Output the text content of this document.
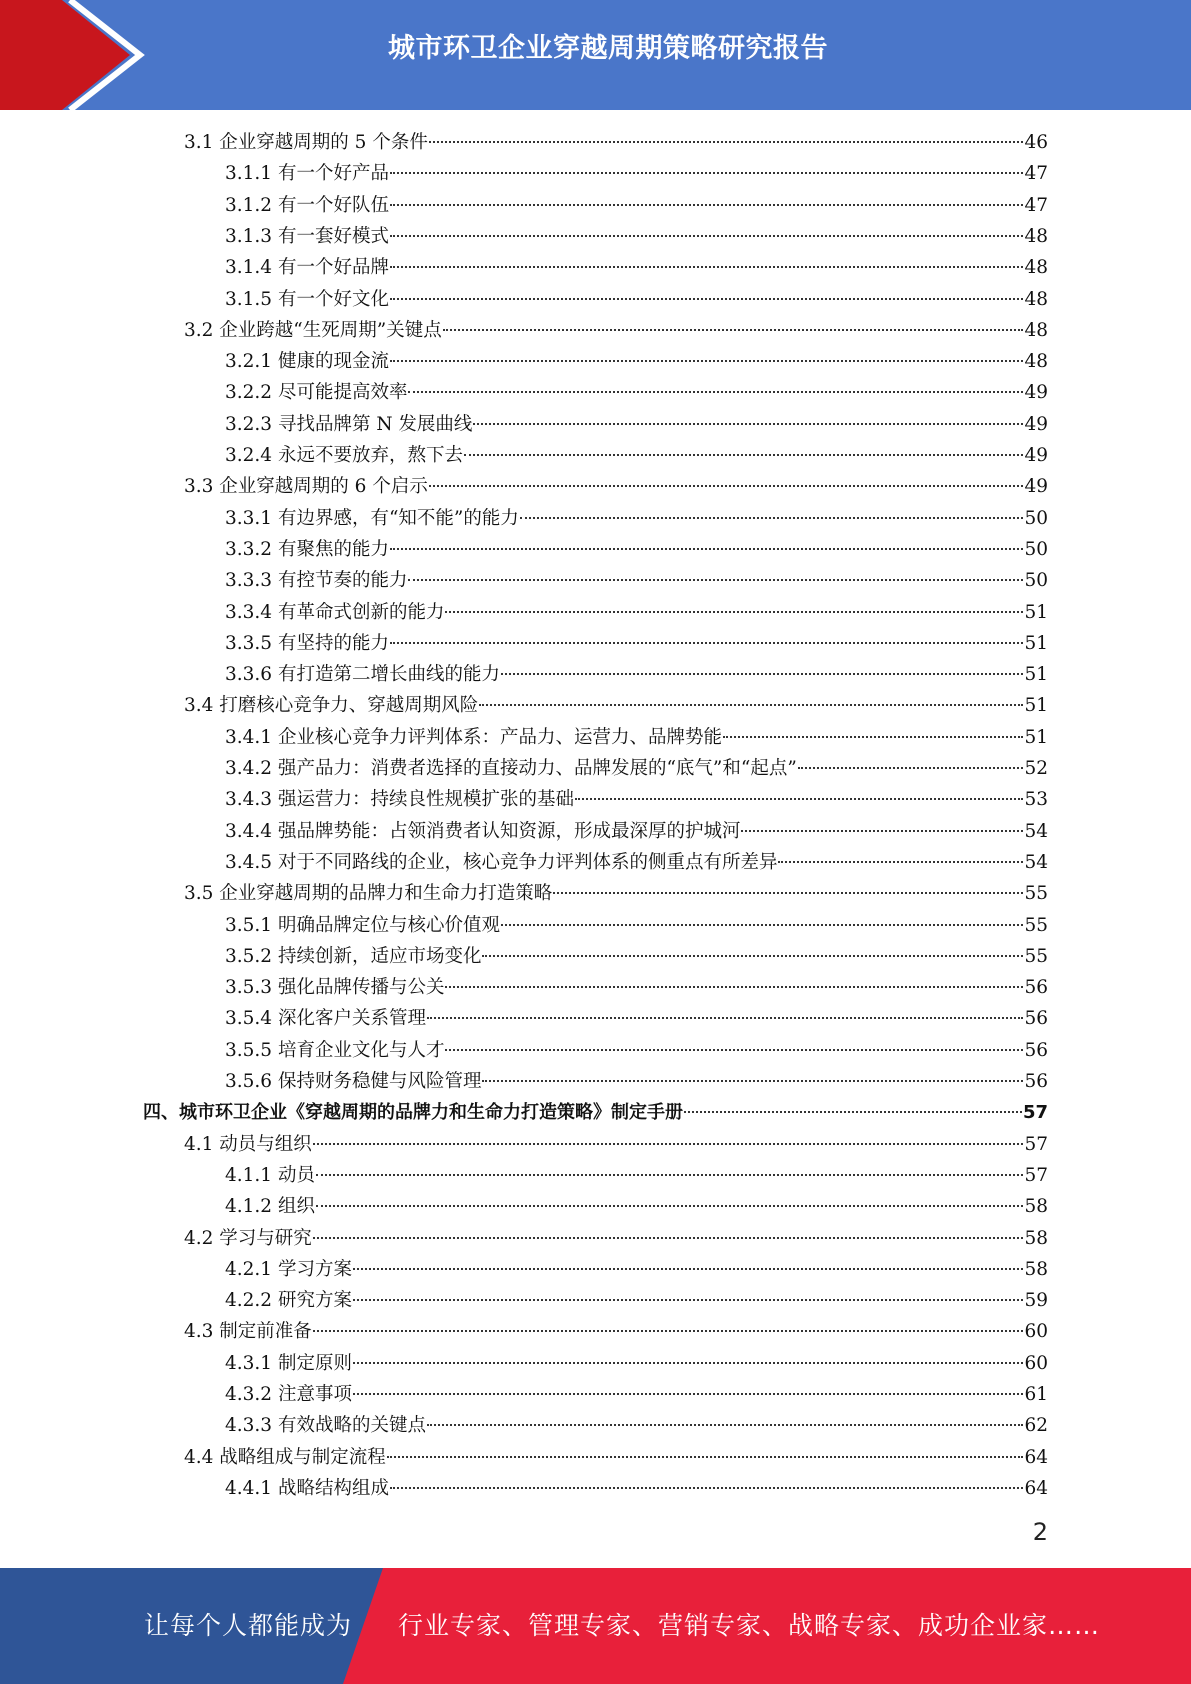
城市环卫企业穿越周期策略研究报告
3.1 企业穿越周期的 5 个条件	46
3.1.1 有一个好产品	47
3.1.2 有一个好队伍	47
3.1.3 有一套好模式	48
3.1.4 有一个好品牌	48
3.1.5 有一个好文化	48
3.2 企业跨越“生死周期”关键点	48
3.2.1 健康的现金流	48
3.2.2 尽可能提高效率	49
3.2.3 寻找品牌第 N 发展曲线	49
3.2.4 永远不要放弃，熬下去	49
3.3 企业穿越周期的 6 个启示	49
3.3.1 有边界感，有“知不能”的能力	50
3.3.2 有聚焦的能力	50
3.3.3 有控节奏的能力	50
3.3.4 有革命式创新的能力	51
3.3.5 有坚持的能力	51
3.3.6 有打造第二增长曲线的能力	51
3.4 打磨核心竞争力、穿越周期风险	51
3.4.1 企业核心竞争力评判体系：产品力、运营力、品牌势能	51
3.4.2 强产品力：消费者选择的直接动力、品牌发展的“底气”和“起点”	52
3.4.3 强运营力：持续良性规模扩张的基础	53
3.4.4 强品牌势能：占领消费者认知资源，形成最深厚的护城河	54
3.4.5 对于不同路线的企业，核心竞争力评判体系的侧重点有所差异	54
3.5 企业穿越周期的品牌力和生命力打造策略	55
3.5.1 明确品牌定位与核心价值观	55
3.5.2 持续创新，适应市场变化	55
3.5.3 强化品牌传播与公关	56
3.5.4 深化客户关系管理	56
3.5.5 培育企业文化与人才	56
3.5.6 保持财务稳健与风险管理	56
四、城市环卫企业《穿越周期的品牌力和生命力打造策略》制定手册	57
4.1 动员与组织	57
4.1.1 动员	57
4.1.2 组织	58
4.2 学习与研究	58
4.2.1 学习方案	58
4.2.2 研究方案	59
4.3 制定前准备	60
4.3.1 制定原则	60
4.3.2 注意事项	61
4.3.3 有效战略的关键点	62
4.4 战略组成与制定流程	64
4.4.1 战略结构组成	64
2
让每个人都能成为 行业专家、管理专家、营销专家、战略专家、成功企业家……
